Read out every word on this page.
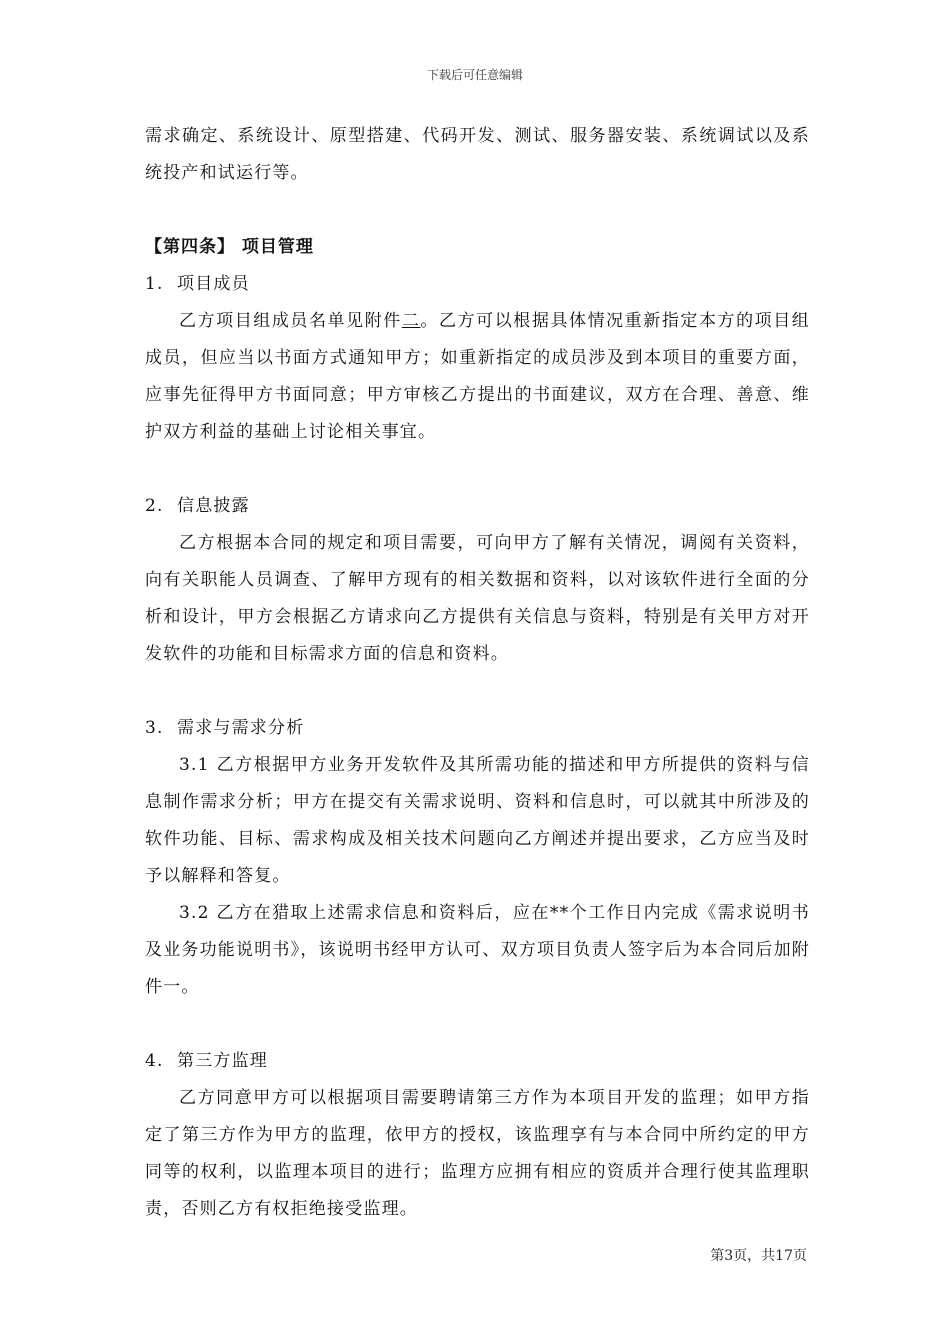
下载后可任意编辑

需求确定、系统设计、原型搭建、代码开发、测试、服务器安装、系统调试以及系统投产和试运行等。

【第四条】 项目管理

1. 项目成员

乙方项目组成员名单见附件二。乙方可以根据具体情况重新指定本方的项目组成员，但应当以书面方式通知甲方；如重新指定的成员涉及到本项目的重要方面，应事先征得甲方书面同意；甲方审核乙方提出的书面建议，双方在合理、善意、维护双方利益的基础上讨论相关事宜。

2. 信息披露

乙方根据本合同的规定和项目需要，可向甲方了解有关情况，调阅有关资料，向有关职能人员调查、了解甲方现有的相关数据和资料，以对该软件进行全面的分析和设计，甲方会根据乙方请求向乙方提供有关信息与资料，特别是有关甲方对开发软件的功能和目标需求方面的信息和资料。

3. 需求与需求分析

3.1 乙方根据甲方业务开发软件及其所需功能的描述和甲方所提供的资料与信息制作需求分析；甲方在提交有关需求说明、资料和信息时，可以就其中所涉及的软件功能、目标、需求构成及相关技术问题向乙方阐述并提出要求，乙方应当及时予以解释和答复。

3.2 乙方在猎取上述需求信息和资料后，应在**个工作日内完成《需求说明书及业务功能说明书》，该说明书经甲方认可、双方项目负责人签字后为本合同后加附件一。

4. 第三方监理

乙方同意甲方可以根据项目需要聘请第三方作为本项目开发的监理；如甲方指定了第三方作为甲方的监理，依甲方的授权，该监理享有与本合同中所约定的甲方同等的权利，以监理本项目的进行；监理方应拥有相应的资质并合理行使其监理职责，否则乙方有权拒绝接受监理。

第3页，共17页
